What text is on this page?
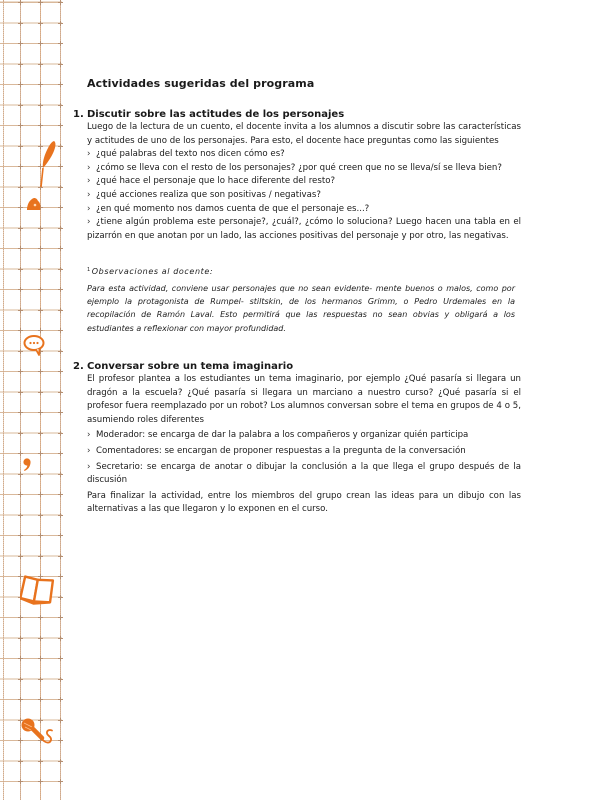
Actividades sugeridas del programa
1. Discutir sobre las actitudes de los personajes

Luego de la lectura de un cuento, el docente invita a los alumnos a discutir sobre las características y actitudes de uno de los personajes. Para esto, el docente hace preguntas como las siguientes

› ¿qué palabras del texto nos dicen cómo es?

› ¿cómo se lleva con el resto de los personajes? ¿por qué creen que no se lleva/sí se lleva bien?

› ¿qué hace el personaje que lo hace diferente del resto?

› ¿qué acciones realiza que son positivas / negativas?

› ¿en qué momento nos damos cuenta de que el personaje es...?

› ¿tiene algún problema este personaje?, ¿cuál?, ¿cómo lo soluciona? Luego hacen una tabla en el pizarrón en que anotan por un lado, las acciones positivas del personaje y por otro, las negativas.

$^1$Observaciones al docente:

Para esta actividad, conviene usar personajes que no sean evidente- mente buenos o malos, como por ejemplo la protagonista de Rumpel- stiltskin, de los hermanos Grimm, o Pedro Urdemales en la recopilación de Ramón Laval. Esto permitirá que las respuestas no sean obvias y obligará a los estudiantes a reflexionar con mayor profundidad.

2. Conversar sobre un tema imaginario

El profesor plantea a los estudiantes un tema imaginario, por ejemplo ¿Qué pasaría si llegara un dragón a la escuela? ¿Qué pasaría si llegara un marciano a nuestro curso? ¿Qué pasaría si el profesor fuera reemplazado por un robot? Los alumnos conversan sobre el tema en grupos de 4 o 5, asumiendo roles diferentes

› Moderador: se encarga de dar la palabra a los compañeros y organizar quién participa

› Comentadores: se encargan de proponer respuestas a la pregunta de la conversación

› Secretario: se encarga de anotar o dibujar la conclusión a la que llega el grupo después de la discusión

Para finalizar la actividad, entre los miembros del grupo crean las ideas para un dibujo con las alternativas a las que llegaron y lo exponen en el curso.
